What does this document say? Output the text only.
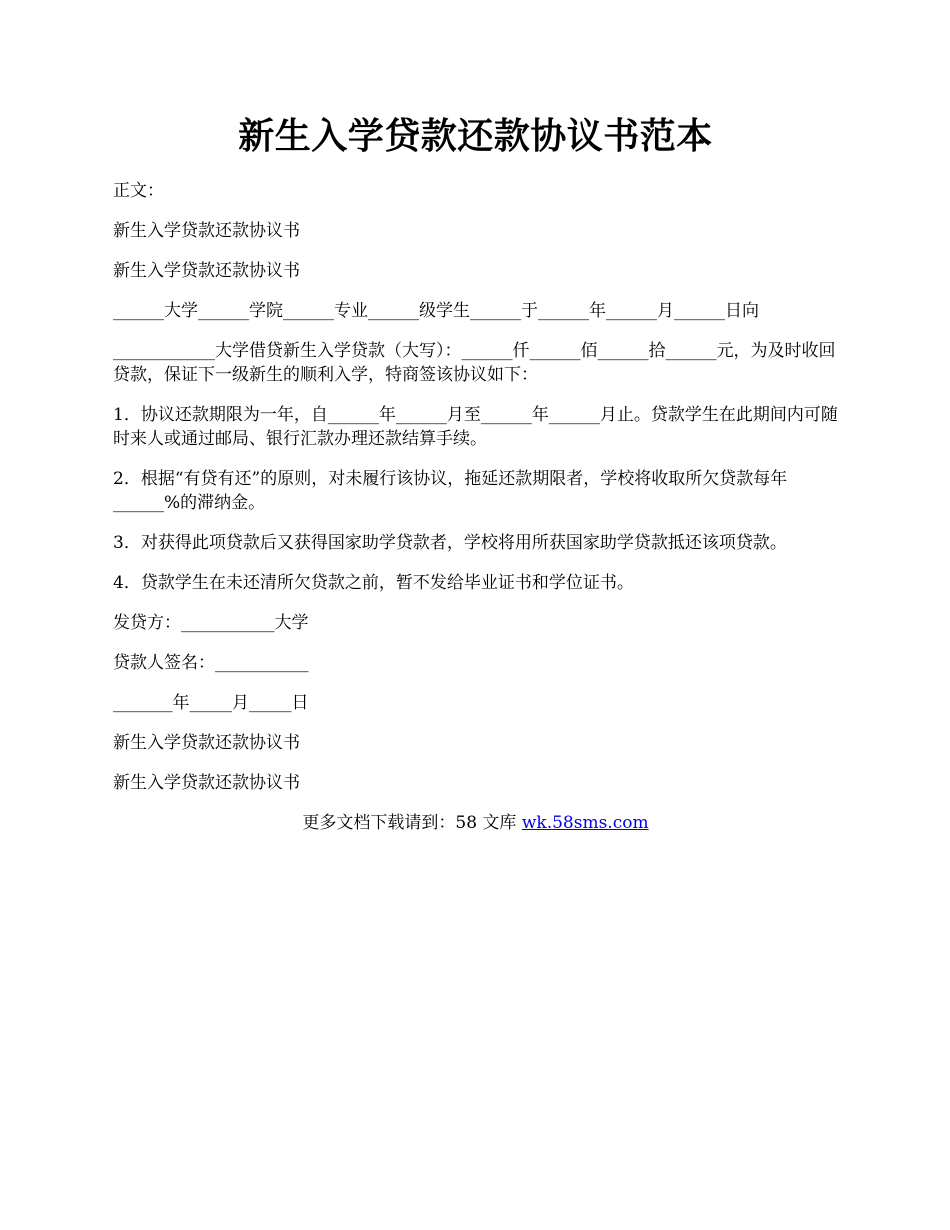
新生入学贷款还款协议书范本

正文：

新生入学贷款还款协议书

新生入学贷款还款协议书

______大学______学院______专业______级学生______于______年______月______日向

____________大学借贷新生入学贷款（大写）：______仟______佰______拾______元，为及时收回贷款，保证下一级新生的顺利入学，特商签该协议如下：

1．协议还款期限为一年，自______年______月至______年______月止。贷款学生在此期间内可随时来人或通过邮局、银行汇款办理还款结算手续。

2．根据“有贷有还”的原则，对未履行该协议，拖延还款期限者，学校将收取所欠贷款每年______%的滞纳金。

3．对获得此项贷款后又获得国家助学贷款者，学校将用所获国家助学贷款抵还该项贷款。

4．贷款学生在未还清所欠贷款之前，暂不发给毕业证书和学位证书。

发贷方：___________大学

贷款人签名：___________

_______年_____月_____日

新生入学贷款还款协议书

新生入学贷款还款协议书

更多文档下载请到：58 文库 wk.58sms.com
